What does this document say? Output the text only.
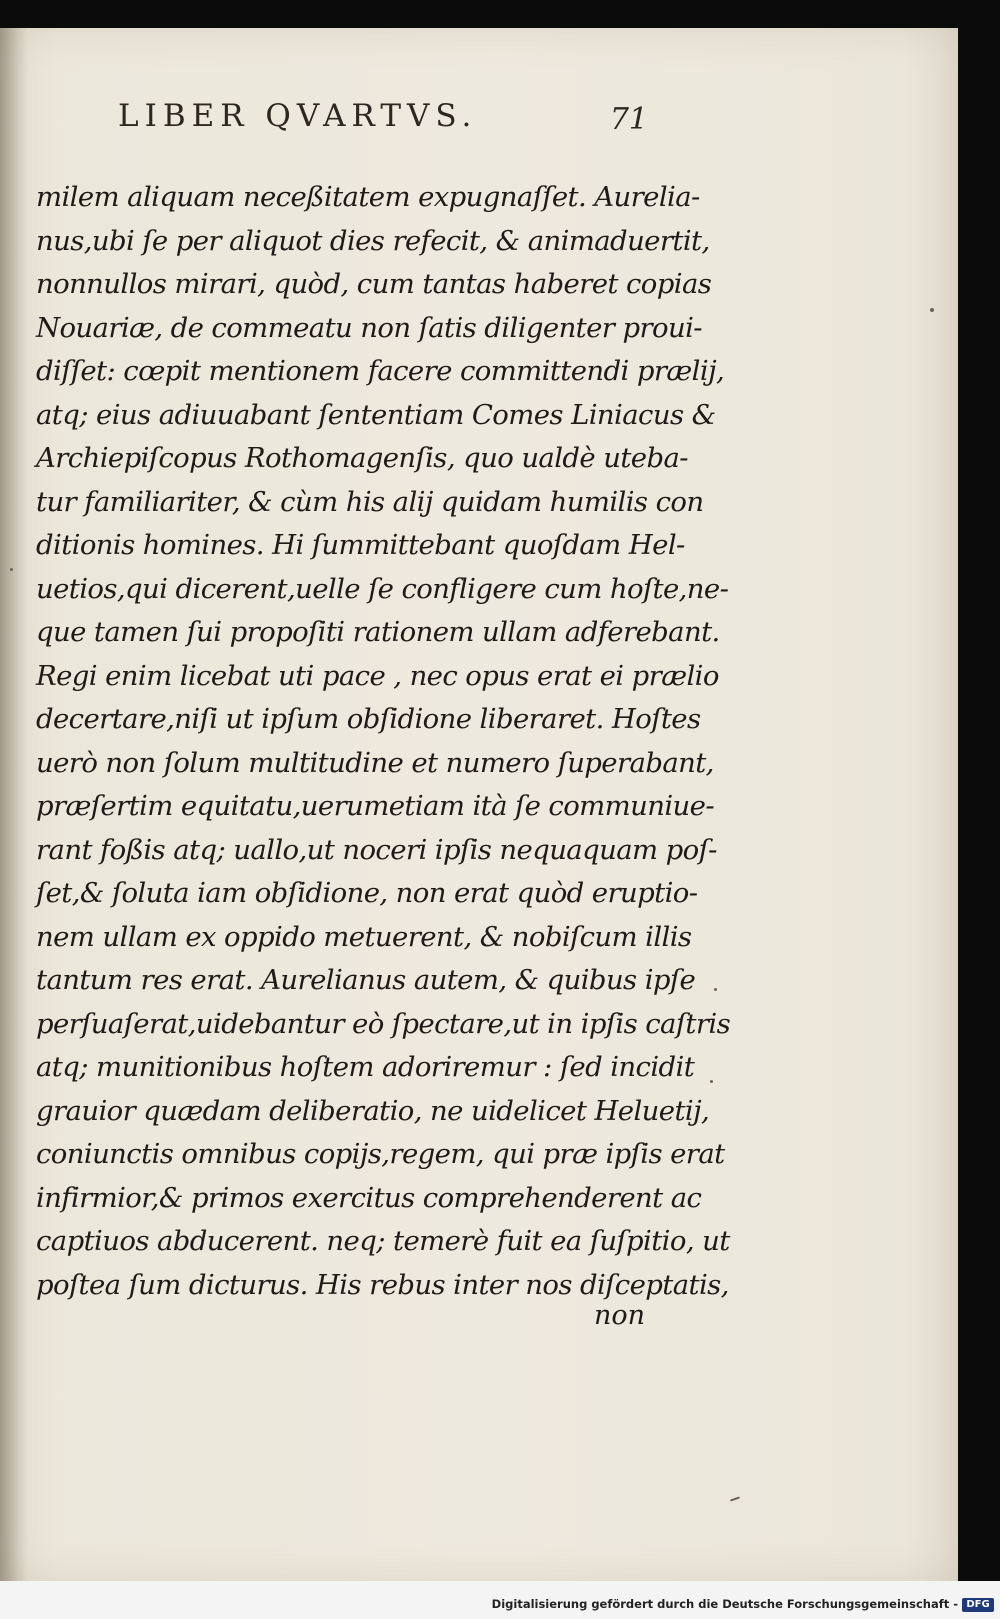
LIBER QVARTVS.	71
milem aliquam neceßitatem expugnaſſet. Aurelia-
nus,ubi ſe per aliquot dies refecit, & animaduertit,
nonnullos mirari, quòd, cum tantas haberet copias
Nouariæ, de commeatu non ſatis diligenter proui-
diſſet: cœpit mentionem facere committendi prælij,
atq; eius adiuuabant ſententiam Comes Liniacus &
Archiepiſcopus Rothomagenſis, quo ualdè uteba-
tur familiariter, & cùm his alij quidam humilis con
ditionis homines. Hi ſummittebant quoſdam Hel-
uetios,qui dicerent,uelle ſe confligere cum hoſte,ne-
que tamen ſui propoſiti rationem ullam adferebant.
Regi enim licebat uti pace , nec opus erat ei prælio
decertare,niſi ut ipſum obſidione liberaret. Hoſtes
uerò non ſolum multitudine et numero ſuperabant,
præſertim equitatu,uerumetiam ità ſe communiue-
rant foßis atq; uallo,ut noceri ipſis nequaquam poſ-
ſet,& ſoluta iam obſidione, non erat quòd eruptio-
nem ullam ex oppido metuerent, & nobiſcum illis
tantum res erat. Aurelianus autem, & quibus ipſe
perſuaſerat,uidebantur eò ſpectare,ut in ipſis caſtris
atq; munitionibus hoſtem adoriremur : ſed incidit
grauior quædam deliberatio, ne uidelicet Heluetij,
coniunctis omnibus copijs,regem, qui præ ipſis erat
infirmior,& primos exercitus comprehenderent ac
captiuos abducerent. neq; temerè fuit ea ſuſpitio, ut
poſtea ſum dicturus. His rebus inter nos diſceptatis,
non
Digitalisierung gefördert durch die Deutsche Forschungsgemeinschaft - DFG
